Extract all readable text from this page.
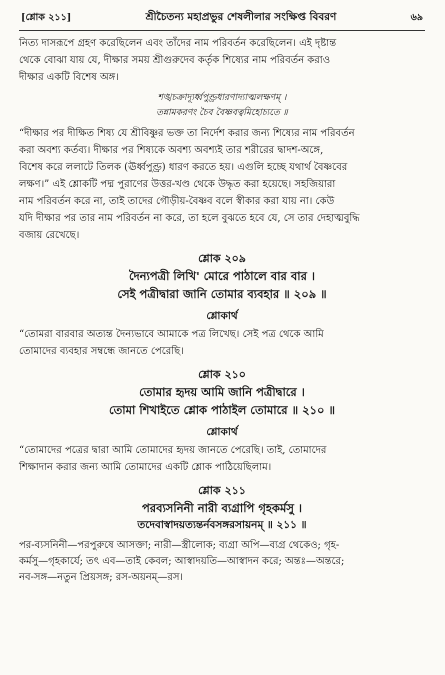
[শ্লোক ২১১]	শ্রীচৈতন্য মহাপ্রভুর শেষলীলার সংক্ষিপ্ত বিবরণ	৬৯

নিত্য দাসরূপে গ্রহণ করেছিলেন এবং তাঁদের নাম পরিবর্তন করেছিলেন। এই দৃষ্টান্ত

থেকে বোঝা যায় যে, দীক্ষার সময় শ্রীগুরুদেব কর্তৃক শিষ্যের নাম পরিবর্তন করাও

দীক্ষার একটি বিশেষ অঙ্গ।

শঙ্খচক্রাদ্যূর্ধ্বপুণ্ড্রধারণাদ্যাত্মলক্ষণম্ ।
তন্নামকরণং চৈব বৈষ্ণবত্বমিহোচ্যতে ॥

“দীক্ষার পর দীক্ষিত শিষ্য যে শ্রীবিষ্ণুর ভক্ত তা নির্দেশ করার জন্য শিষ্যের নাম পরিবর্তন

করা অবশ্য কর্তব্য। দীক্ষার পর শিষ্যকে অবশ্য অবশ্যই তার শরীরের দ্বাদশ-অঙ্গে,

বিশেষ করে ললাটে তিলক (ঊর্ধ্বপুণ্ড্র) ধারণ করতে হয়। এগুলি হচ্ছে যথার্থ বৈষ্ণবের

লক্ষণ।” এই শ্লোকটি পদ্ম পুরাণের উত্তর-খণ্ড থেকে উদ্ধৃত করা হয়েছে। সহজিয়ারা

নাম পরিবর্তন করে না, তাই তাদের গৌড়ীয়-বৈষ্ণব বলে স্বীকার করা যায় না। কেউ

যদি দীক্ষার পর তার নাম পরিবর্তন না করে, তা হলে বুঝতে হবে যে, সে তার দেহাত্মবুদ্ধি

বজায় রেখেছে।

শ্লোক ২০৯
দৈন্যপত্রী লিখি' মোরে পাঠালে বার বার ।
সেই পত্রীদ্বারা জানি তোমার ব্যবহার ॥ ২০৯ ॥
শ্লোকার্থ

“তোমরা বারবার অত্যন্ত দৈন্যভাবে আমাকে পত্র লিখেছ। সেই পত্র থেকে আমি

তোমাদের ব্যবহার সম্বন্ধে জানতে পেরেছি।

শ্লোক ২১০
তোমার হৃদয় আমি জানি পত্রীদ্বারে ।
তোমা শিখাইতে শ্লোক পাঠাইল তোমারে ॥ ২১০ ॥
শ্লোকার্থ

“তোমাদের পত্রের দ্বারা আমি তোমাদের হৃদয় জানতে পেরেছি। তাই, তোমাদের

শিক্ষাদান করার জন্য আমি তোমাদের একটি শ্লোক পাঠিয়েছিলাম।

শ্লোক ২১১
পরব্যসনিনী নারী ব্যগ্রাপি গৃহকর্মসু ।
তদেবাস্বাদয়ত্যন্তর্নবসঙ্গরসায়নম্ ॥ ২১১ ॥
পর-ব্যসনিনী—পরপুরুষে আসক্তা; নারী—স্ত্রীলোক; ব্যগ্রা অপি—ব্যগ্র থেকেও; গৃহ-
কর্মসু—গৃহকার্যে; তৎ এব—তাই কেবল; আস্বাদয়তি—আস্বাদন করে; অন্তঃ—অন্তরে;
নব-সঙ্গ—নতুন প্রিয়সঙ্গ; রস-অয়নম্—রস।
